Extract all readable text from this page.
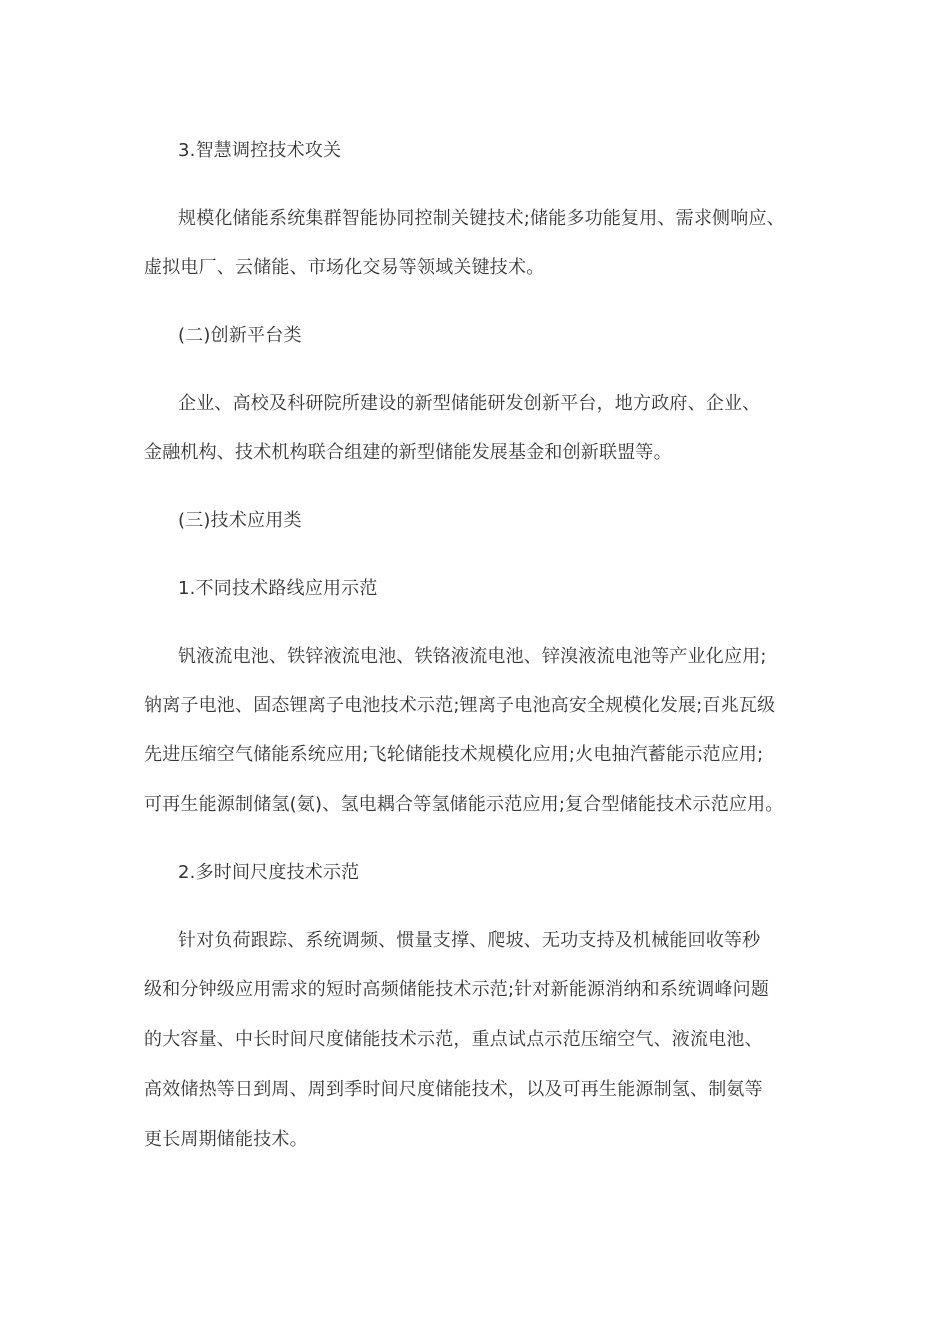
3.智慧调控技术攻关
规模化储能系统集群智能协同控制关键技术;储能多功能复用、需求侧响应、
虚拟电厂、云储能、市场化交易等领域关键技术。
(二)创新平台类
企业、高校及科研院所建设的新型储能研发创新平台，地方政府、企业、
金融机构、技术机构联合组建的新型储能发展基金和创新联盟等。
(三)技术应用类
1.不同技术路线应用示范
钒液流电池、铁锌液流电池、铁铬液流电池、锌溴液流电池等产业化应用;
钠离子电池、固态锂离子电池技术示范;锂离子电池高安全规模化发展;百兆瓦级
先进压缩空气储能系统应用;飞轮储能技术规模化应用;火电抽汽蓄能示范应用;
可再生能源制储氢(氨)、氢电耦合等氢储能示范应用;复合型储能技术示范应用。
2.多时间尺度技术示范
针对负荷跟踪、系统调频、惯量支撑、爬坡、无功支持及机械能回收等秒
级和分钟级应用需求的短时高频储能技术示范;针对新能源消纳和系统调峰问题
的大容量、中长时间尺度储能技术示范，重点试点示范压缩空气、液流电池、
高效储热等日到周、周到季时间尺度储能技术，以及可再生能源制氢、制氨等
更长周期储能技术。
